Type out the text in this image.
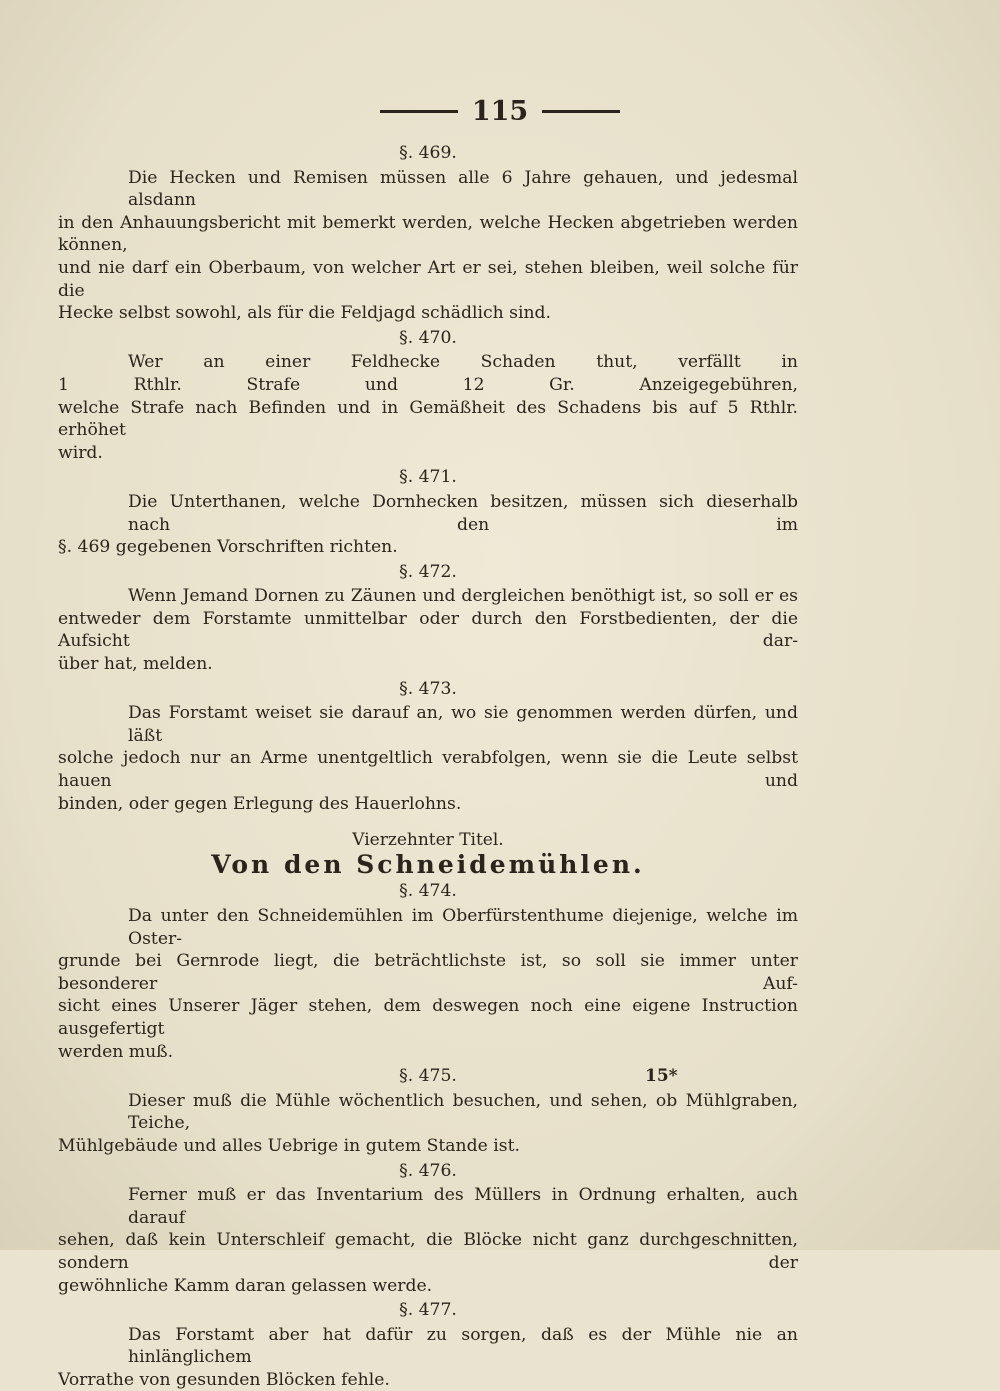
115
§. 469.
Die Hecken und Remisen müssen alle 6 Jahre gehauen, und jedesmal alsdann
in den Anhauungsbericht mit bemerkt werden, welche Hecken abgetrieben werden können,
und nie darf ein Oberbaum, von welcher Art er sei, stehen bleiben, weil solche für die
Hecke selbst sowohl, als für die Feldjagd schädlich sind.
§. 470.
Wer an einer Feldhecke Schaden thut, verfällt in
1 Rthlr. Strafe und 12 Gr. Anzeigegebühren,
welche Strafe nach Befinden und in Gemäßheit des Schadens bis auf 5 Rthlr. erhöhet
wird.
§. 471.
Die Unterthanen, welche Dornhecken besitzen, müssen sich dieserhalb nach den im
§. 469 gegebenen Vorschriften richten.
§. 472.
Wenn Jemand Dornen zu Zäunen und dergleichen benöthigt ist, so soll er es
entweder dem Forstamte unmittelbar oder durch den Forstbedienten, der die Aufsicht dar-
über hat, melden.
§. 473.
Das Forstamt weiset sie darauf an, wo sie genommen werden dürfen, und läßt
solche jedoch nur an Arme unentgeltlich verabfolgen, wenn sie die Leute selbst hauen und
binden, oder gegen Erlegung des Hauerlohns.
Vierzehnter Titel.
Von den Schneidemühlen.
§. 474.
Da unter den Schneidemühlen im Oberfürstenthume diejenige, welche im Oster-
grunde bei Gernrode liegt, die beträchtlichste ist, so soll sie immer unter besonderer Auf-
sicht eines Unserer Jäger stehen, dem deswegen noch eine eigene Instruction ausgefertigt
werden muß.
§. 475.
Dieser muß die Mühle wöchentlich besuchen, und sehen, ob Mühlgraben, Teiche,
Mühlgebäude und alles Uebrige in gutem Stande ist.
§. 476.
Ferner muß er das Inventarium des Müllers in Ordnung erhalten, auch darauf
sehen, daß kein Unterschleif gemacht, die Blöcke nicht ganz durchgeschnitten, sondern der
gewöhnliche Kamm daran gelassen werde.
§. 477.
Das Forstamt aber hat dafür zu sorgen, daß es der Mühle nie an hinlänglichem
Vorrathe von gesunden Blöcken fehle.
15*
